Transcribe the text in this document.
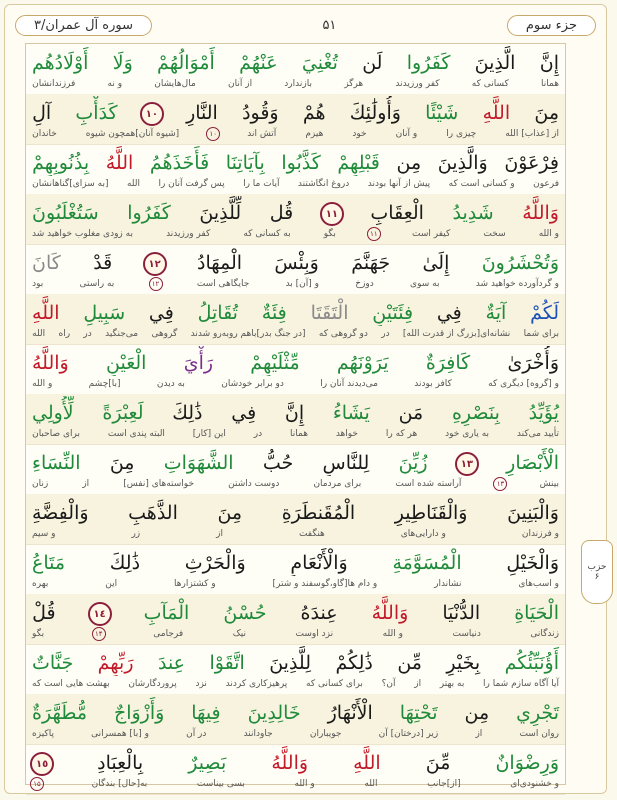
جزء سوم
۵۱
سوره آل عمران/۳
إِنَّ
الَّذِينَ
كَفَرُوا
لَن
تُغْنِيَ
عَنْهُمْ
أَمْوَالُهُمْ
وَلَا
أَوْلَادُهُم
همانا
کسانی که
کفر ورزیدند
هرگز
بازندارد
از آنان
مال‌هایشان
و نه
فرزندانشان
مِنَ
اللَّهِ
شَيْئًا
وَأُولَٰئِكَ
هُمْ
وَقُودُ
النَّارِ
١٠
كَدَأْبِ
آلِ
از [عذاب] الله
چیزی را
و آنان
خود
هیزم
آتش اند
۱۰
[شیوه آنان]همچون شیوه
خاندان
فِرْعَوْنَ
وَالَّذِينَ
مِن
قَبْلِهِمْ
كَذَّبُوا
بِآيَاتِنَا
فَأَخَذَهُمُ
اللَّهُ
بِذُنُوبِهِمْ
فرعون
و کسانی است که
پیش از آنها بودند
دروغ انگاشتند
آیات ما را
پس گرفت آنان را
الله
[به سزای]گناهانشان
وَاللَّهُ
شَدِيدُ
الْعِقَابِ
١١
قُل
لِّلَّذِينَ
كَفَرُوا
سَتُغْلَبُونَ
و الله
سخت
کیفر است
۱۱
بگو
به کسانی که
کفر ورزیدند
به زودی مغلوب خواهید شد
وَتُحْشَرُونَ
إِلَىٰ
جَهَنَّمَ
وَبِئْسَ
الْمِهَادُ
١٢
قَدْ
كَانَ
و گردآورده خواهید شد
به سوی
دوزخ
و [آن] بد
جایگاهی است
۱۲
به راستی
بود
لَكُمْ
آيَةٌ
فِي
فِئَتَيْنِ
الْتَقَتَا
فِئَةٌ
تُقَاتِلُ
فِي
سَبِيلِ
اللَّهِ
برای شما
نشانه‌ای[بزرگ از قدرت الله]
در
دو گروهی که
[در جنگ بدر]باهم روبه‌رو شدند
گروهی
می‌جنگید
در
راه
الله
وَأُخْرَىٰ
كَافِرَةٌ
يَرَوْنَهُم
مِّثْلَيْهِمْ
رَأْيَ
الْعَيْنِ
وَاللَّهُ
و [گروه] دیگری که
کافر بودند
می‌دیدند آنان را
دو برابر خودشان
به دیدن
[با]چشم
و الله
يُؤَيِّدُ
بِنَصْرِهِ
مَن
يَشَاءُ
إِنَّ
فِي
ذَٰلِكَ
لَعِبْرَةً
لِّأُولِي
تأیید می‌کند
به یاری خود
هر که را
خواهد
همانا
در
این [کار]
البته پندی است
برای صاحبان
الْأَبْصَارِ
١٣
زُيِّنَ
لِلنَّاسِ
حُبُّ
الشَّهَوَاتِ
مِنَ
النِّسَاءِ
بینش
۱۳
آراسته شده است
برای مردمان
دوست داشتن
خواسته‌های [نفس]
از
زنان
وَالْبَنِينَ
وَالْقَنَاطِيرِ
الْمُقَنطَرَةِ
مِنَ
الذَّهَبِ
وَالْفِضَّةِ
و فرزندان
و دارایی‌های
هنگفت
از
زر
و سیم
وَالْخَيْلِ
الْمُسَوَّمَةِ
وَالْأَنْعَامِ
وَالْحَرْثِ
ذَٰلِكَ
مَتَاعُ
و اسب‌های
نشاندار
و دام ها[گاو،گوسفند و شتر]
و کشتزارها
این
بهره
الْحَيَاةِ
الدُّنْيَا
وَاللَّهُ
عِندَهُ
حُسْنُ
الْمَآبِ
١٤
قُلْ
زندگانی
دنیاست
و الله
نزد اوست
نیک
فرجامی
۱۴
بگو
أَؤُنَبِّئُكُم
بِخَيْرٍ
مِّن
ذَٰلِكُمْ
لِلَّذِينَ
اتَّقَوْا
عِندَ
رَبِّهِمْ
جَنَّاتٌ
آیا آگاه سازم شما را
به بهتر
از
آن؟
برای کسانی که
پرهیزکاری کردند
نزد
پروردگارشان
بهشت هایی است که
تَجْرِي
مِن
تَحْتِهَا
الْأَنْهَارُ
خَالِدِينَ
فِيهَا
وَأَزْوَاجٌ
مُّطَهَّرَةٌ
روان است
از
زیر [درختان] آن
جویباران
جاودانند
در آن
و [با] همسرانی
پاکیزه
وَرِضْوَانٌ
مِّنَ
اللَّهِ
وَاللَّهُ
بَصِيرٌ
بِالْعِبَادِ
١٥
و خشنودی‌ای
[از]جانب
الله
و الله
بسی بیناست
به[حال] بندگان
۱۵
حزب
۶
